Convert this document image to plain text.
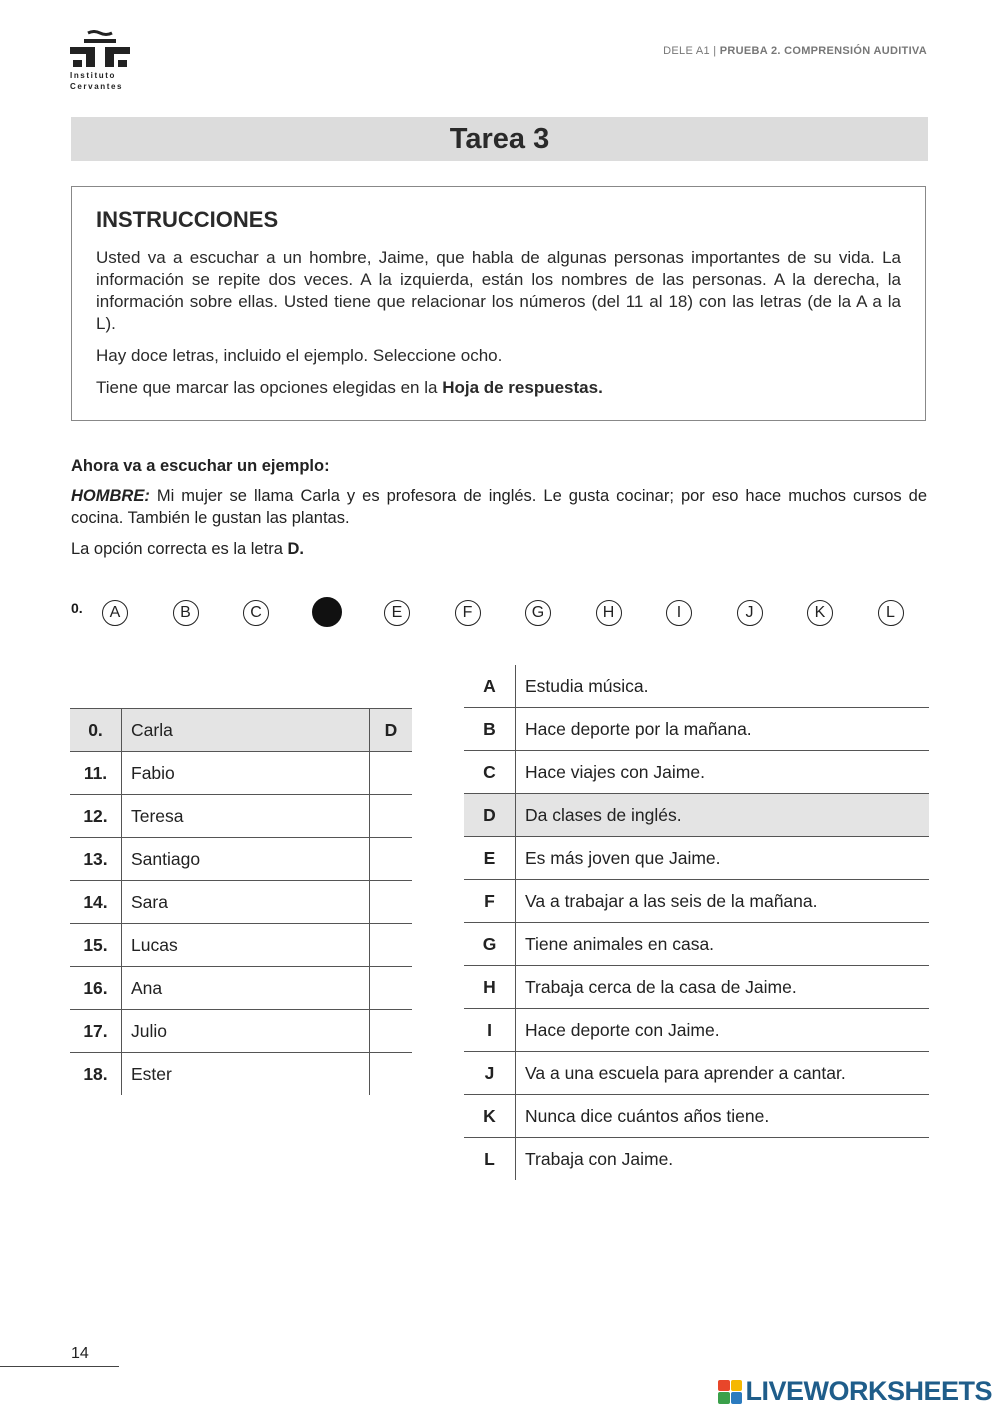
Instituto
Cervantes
DELE A1 | PRUEBA 2. COMPRENSIÓN AUDITIVA
Tarea 3
INSTRUCCIONES

Usted va a escuchar a un hombre, Jaime, que habla de algunas personas importantes de su vida. La información se repite dos veces. A la izquierda, están los nombres de las personas. A la derecha, la información sobre ellas. Usted tiene que relacionar los números (del 11 al 18) con las letras (de la A a la L).

Hay doce letras, incluido el ejemplo. Seleccione ocho.

Tiene que marcar las opciones elegidas en la Hoja de respuestas.

Ahora va a escuchar un ejemplo:

HOMBRE: Mi mujer se llama Carla y es profesora de inglés. Le gusta cocinar; por eso hace muchos cursos de cocina. También le gustan las plantas.

La opción correcta es la letra D.

0.	A	B	C	E	F	G	H	I	J	K	L
0.	Carla	D
11.	Fabio	
12.	Teresa	
13.	Santiago	
14.	Sara	
15.	Lucas	
16.	Ana	
17.	Julio	
18.	Ester	
A	Estudia música.
B	Hace deporte por la mañana.
C	Hace viajes con Jaime.
D	Da clases de inglés.
E	Es más joven que Jaime.
F	Va a trabajar a las seis de la mañana.
G	Tiene animales en casa.
H	Trabaja cerca de la casa de Jaime.
I	Hace deporte con Jaime.
J	Va a una escuela para aprender a cantar.
K	Nunca dice cuántos años tiene.
L	Trabaja con Jaime.
14
LIVEWORKSHEETS
